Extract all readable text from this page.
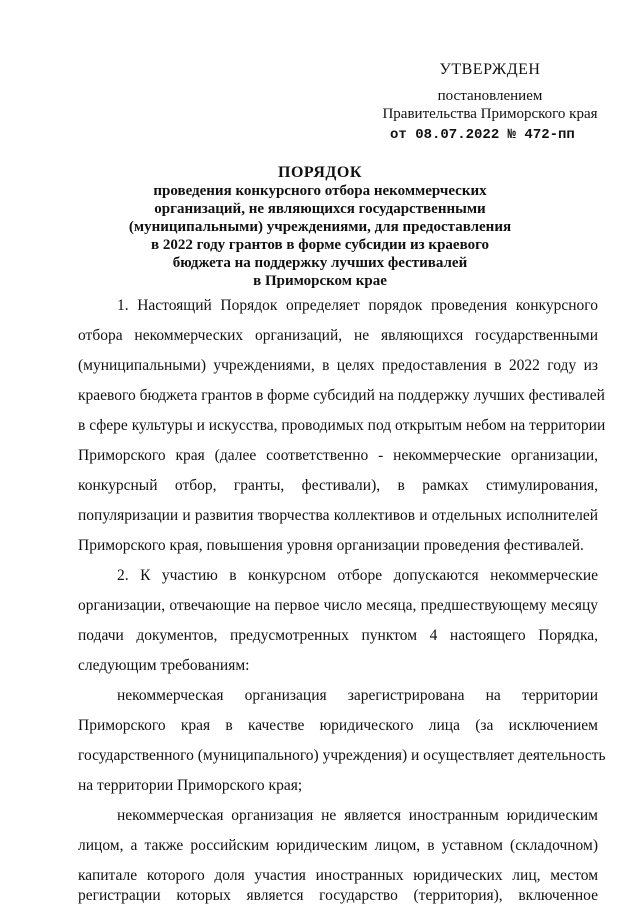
УТВЕРЖДЕН
постановлением
Правительства Приморского края
от 08.07.2022 № 472-пп
ПОРЯДОК
проведения конкурсного отбора некоммерческих
организаций, не являющихся государственными
(муниципальными) учреждениями, для предоставления
в 2022 году грантов в форме субсидии из краевого
бюджета на поддержку лучших фестивалей
в Приморском крае
1. Настоящий Порядок определяет порядок проведения конкурсного
отбора некоммерческих организаций, не являющихся государственными
(муниципальными) учреждениями, в целях предоставления в 2022 году из
краевого бюджета грантов в форме субсидий на поддержку лучших фестивалей
в сфере культуры и искусства, проводимых под открытым небом на территории
Приморского края (далее соответственно - некоммерческие организации,
конкурсный отбор, гранты, фестивали), в рамках стимулирования,
популяризации и развития творчества коллективов и отдельных исполнителей
Приморского края, повышения уровня организации проведения фестивалей.
2. К участию в конкурсном отборе допускаются некоммерческие
организации, отвечающие на первое число месяца, предшествующему месяцу
подачи документов, предусмотренных пунктом 4 настоящего Порядка,
следующим требованиям:
некоммерческая организация зарегистрирована на территории
Приморского края в качестве юридического лица (за исключением
государственного (муниципального) учреждения) и осуществляет деятельность
на территории Приморского края;
некоммерческая организация не является иностранным юридическим
лицом, а также российским юридическим лицом, в уставном (складочном)
капитале которого доля участия иностранных юридических лиц, местом
регистрации которых является государство (территория), включенное
